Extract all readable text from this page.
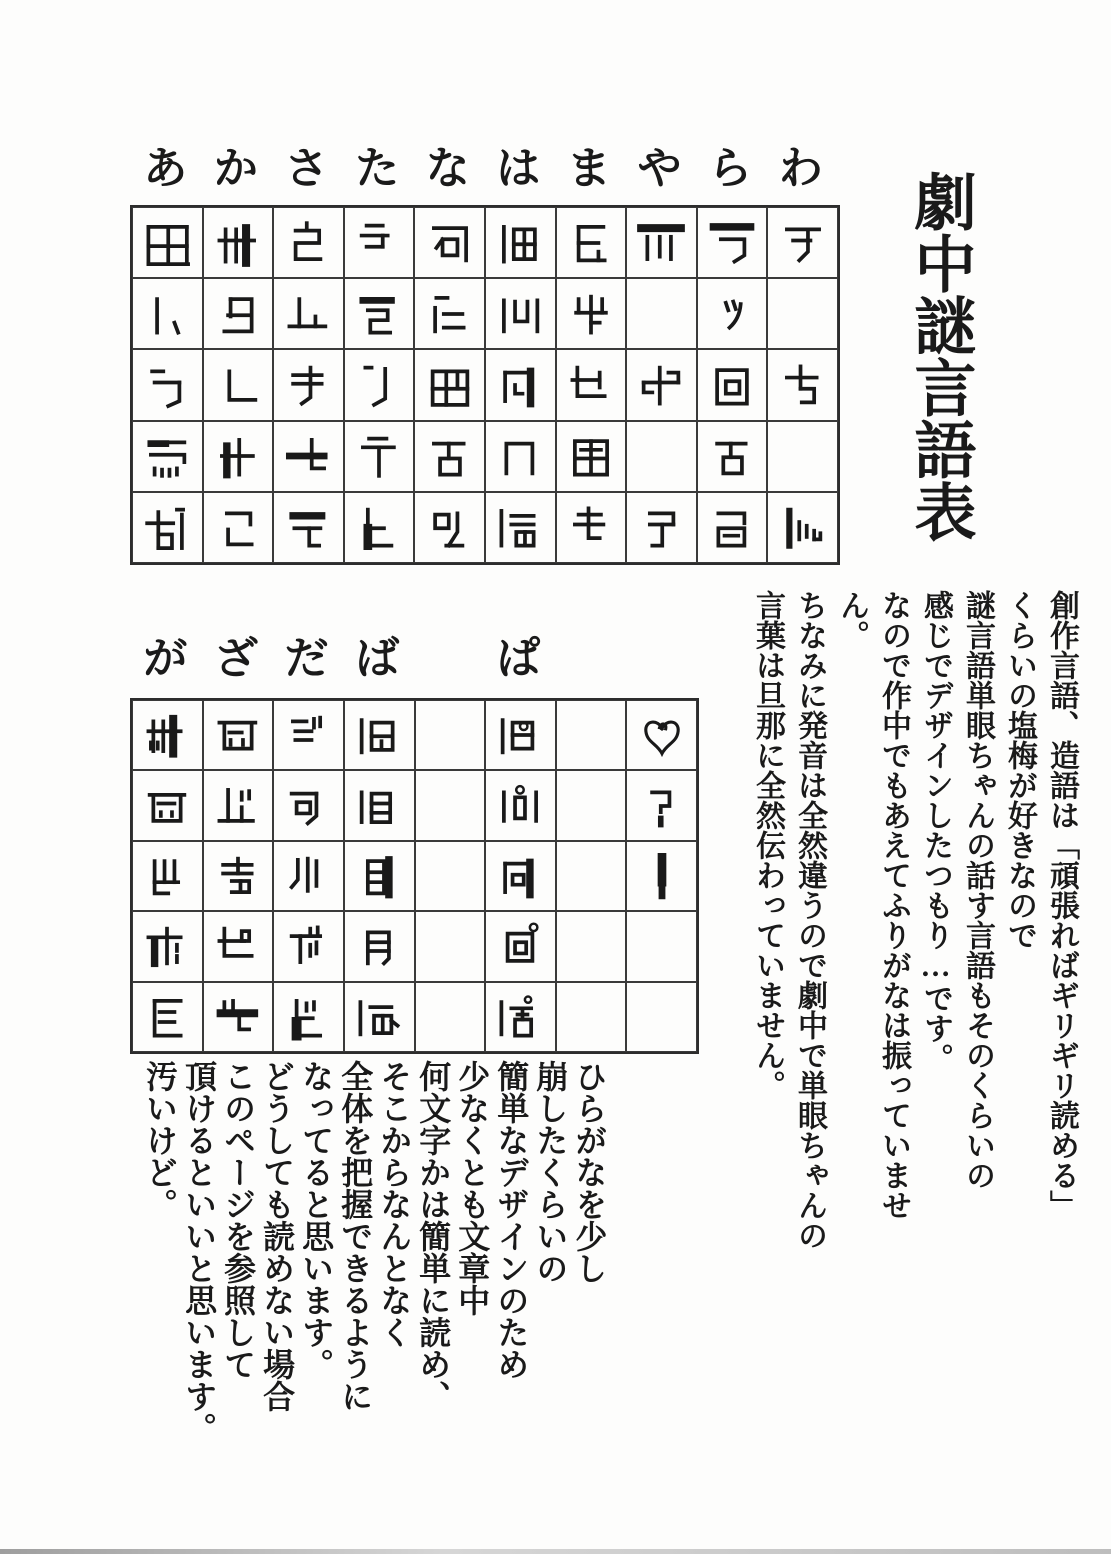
劇中謎言語表
あ か さ た な は ま や ら わ

創作言語、造語は「頑張ればギリギリ読める」

くらいの塩梅が好きなので

謎言語単眼ちゃんの話す言語もそのくらいの

感じでデザインしたつもり…です。

なので作中でもあえてふりがなは振っていません。

ちなみに発音は全然違うので劇中で単眼ちゃんの

言葉は旦那に全然伝わっていません。

が ざ だ ば ぱ

ひらがなを少し

崩したくらいの

簡単なデザインのため

少なくとも文章中

何文字かは簡単に読め、

そこからなんとなく

全体を把握できるように

なってると思います。

どうしても読めない場合

このページを参照して

頂けるといいと思います。

汚いけど。
